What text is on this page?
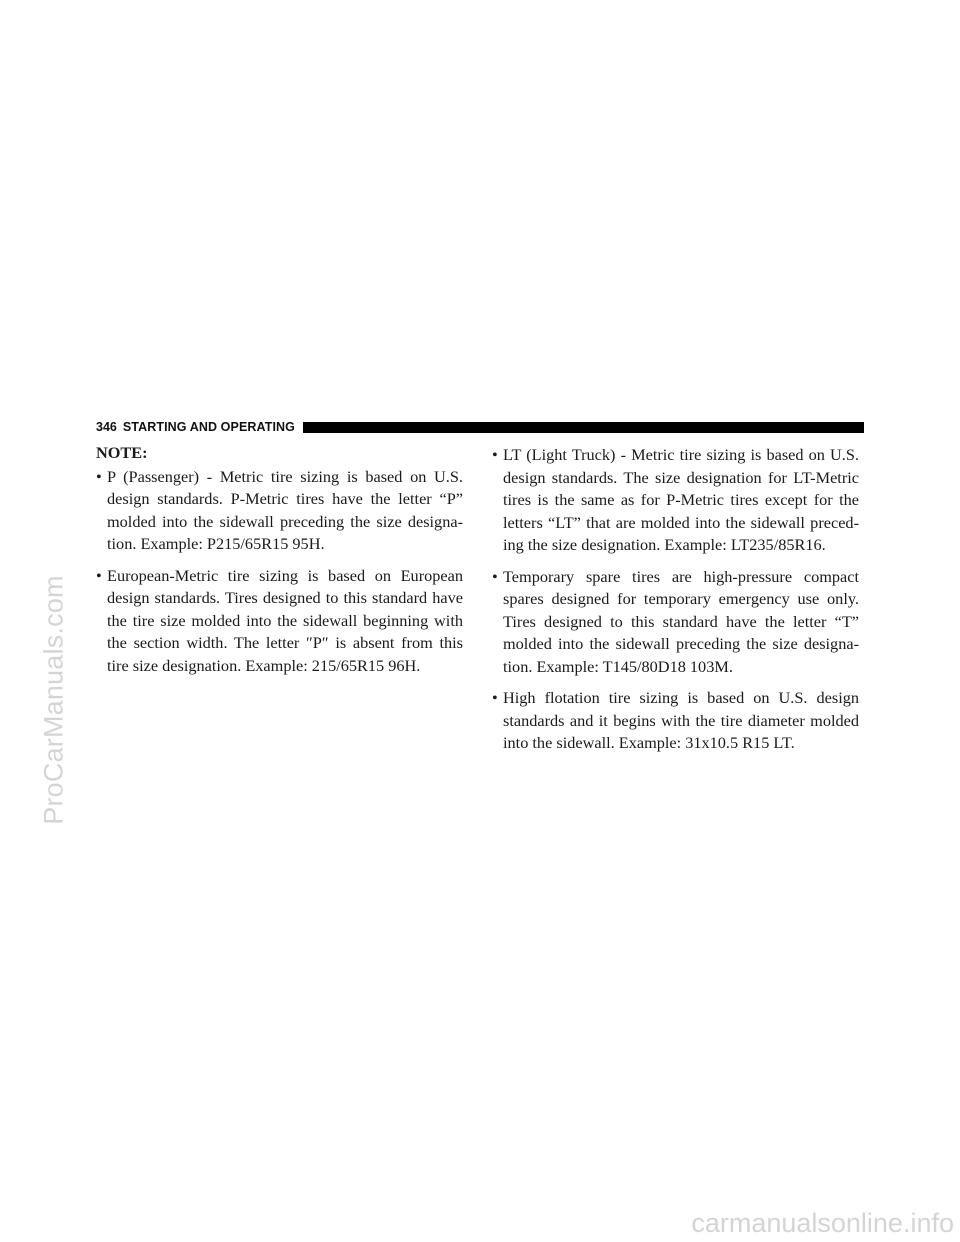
ProCarManuals.com
346 STARTING AND OPERATING
NOTE:
• P (Passenger) - Metric tire sizing is based on U.S. design standards. P-Metric tires have the letter “P” molded into the sidewall preceding the size designa-tion. Example: P215/65R15 95H.
• European-Metric tire sizing is based on European design standards. Tires designed to this standard have the tire size molded into the sidewall beginning with the section width. The letter ″P″ is absent from this tire size designation. Example: 215/65R15 96H.
• LT (Light Truck) - Metric tire sizing is based on U.S. design standards. The size designation for LT-Metric tires is the same as for P-Metric tires except for the letters “LT” that are molded into the sidewall preced-ing the size designation. Example: LT235/85R16.
• Temporary spare tires are high-pressure compact spares designed for temporary emergency use only. Tires designed to this standard have the letter “T” molded into the sidewall preceding the size designa-tion. Example: T145/80D18 103M.
• High flotation tire sizing is based on U.S. design standards and it begins with the tire diameter molded into the sidewall. Example: 31x10.5 R15 LT.
carmanualsonline.info
